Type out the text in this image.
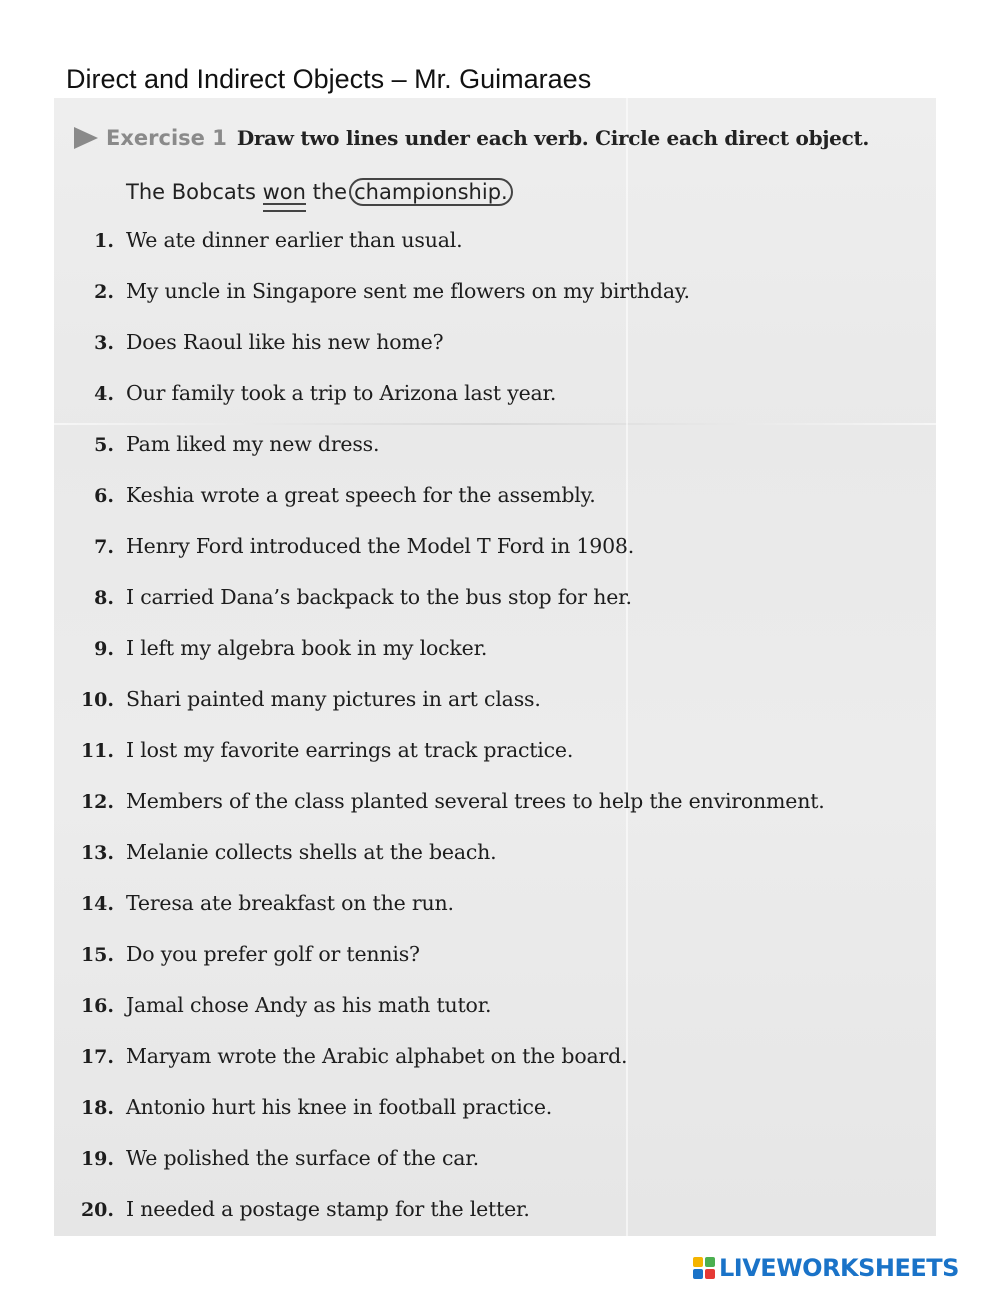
Direct and Indirect Objects – Mr. Guimaraes
Exercise 1 Draw two lines under each verb. Circle each direct object.
The Bobcats won the championship.
1. We ate dinner earlier than usual.
2. My uncle in Singapore sent me flowers on my birthday.
3. Does Raoul like his new home?
4. Our family took a trip to Arizona last year.
5. Pam liked my new dress.
6. Keshia wrote a great speech for the assembly.
7. Henry Ford introduced the Model T Ford in 1908.
8. I carried Dana’s backpack to the bus stop for her.
9. I left my algebra book in my locker.
10. Shari painted many pictures in art class.
11. I lost my favorite earrings at track practice.
12. Members of the class planted several trees to help the environment.
13. Melanie collects shells at the beach.
14. Teresa ate breakfast on the run.
15. Do you prefer golf or tennis?
16. Jamal chose Andy as his math tutor.
17. Maryam wrote the Arabic alphabet on the board.
18. Antonio hurt his knee in football practice.
19. We polished the surface of the car.
20. I needed a postage stamp for the letter.
LIVEWORKSHEETS
